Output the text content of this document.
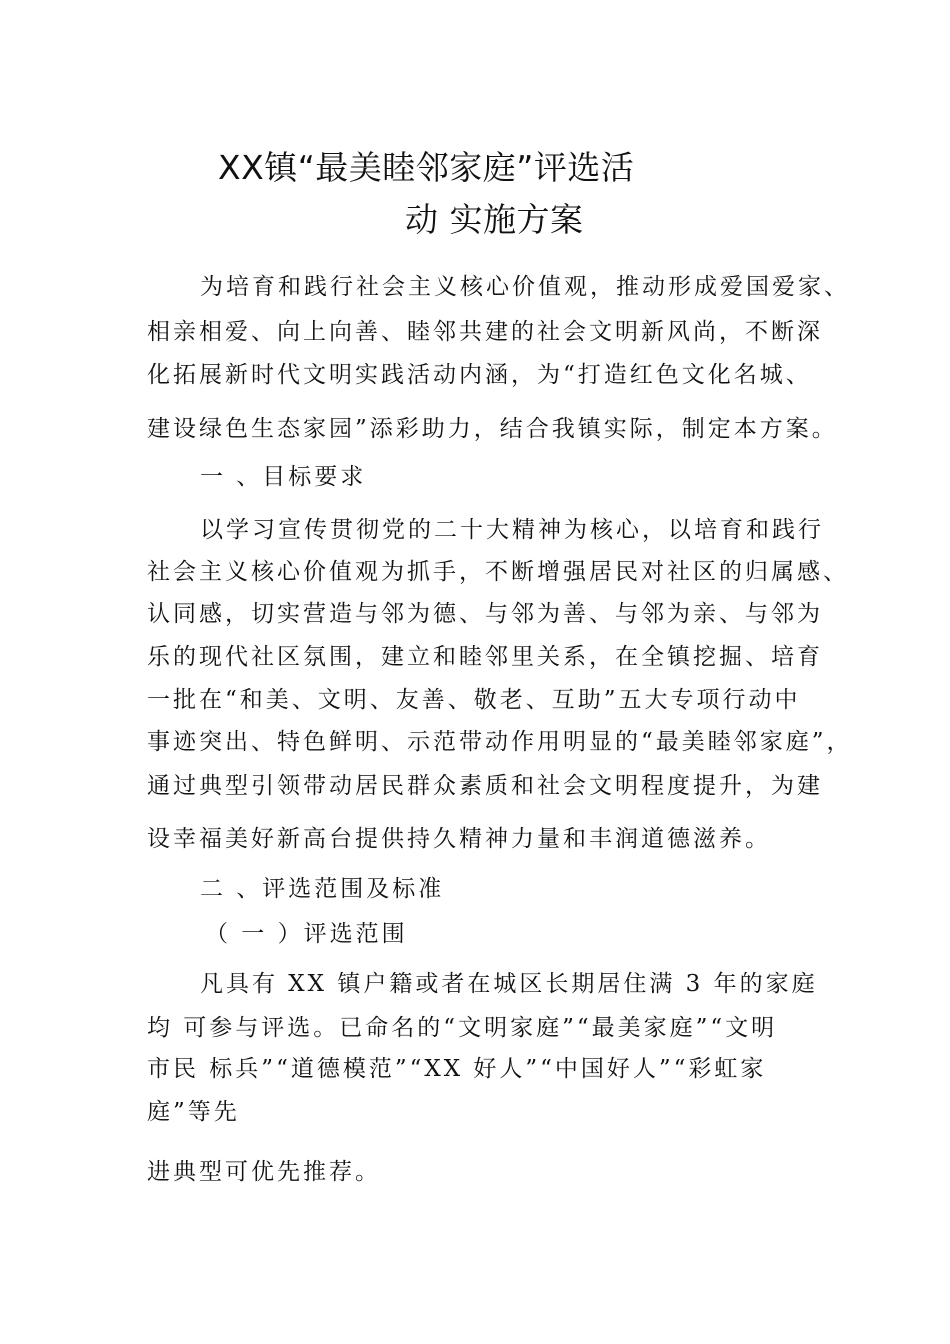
XX镇“最美睦邻家庭”评选活
动 实施方案
为培育和践行社会主义核心价值观，推动形成爱国爱家、
相亲相爱、向上向善、睦邻共建的社会文明新风尚，不断深
化拓展新时代文明实践活动内涵，为“打造红色文化名城、
建设绿色生态家园”添彩助力，结合我镇实际，制定本方案。
一 、目标要求
以学习宣传贯彻党的二十大精神为核心，以培育和践行
社会主义核心价值观为抓手，不断增强居民对社区的归属感、
认同感，切实营造与邻为德、与邻为善、与邻为亲、与邻为
乐的现代社区氛围，建立和睦邻里关系，在全镇挖掘、培育
一批在“和美、文明、友善、敬老、互助”五大专项行动中
事迹突出、特色鲜明、示范带动作用明显的“最美睦邻家庭”，
通过典型引领带动居民群众素质和社会文明程度提升，为建
设幸福美好新高台提供持久精神力量和丰润道德滋养。
二 、评选范围及标准
（ 一 ）评选范围
凡具有 XX 镇户籍或者在城区长期居住满 3 年的家庭
均 可参与评选。已命名的“文明家庭”“最美家庭”“文明
市民 标兵”“道德模范”“XX 好人”“中国好人”“彩虹家
庭”等先
进典型可优先推荐。
